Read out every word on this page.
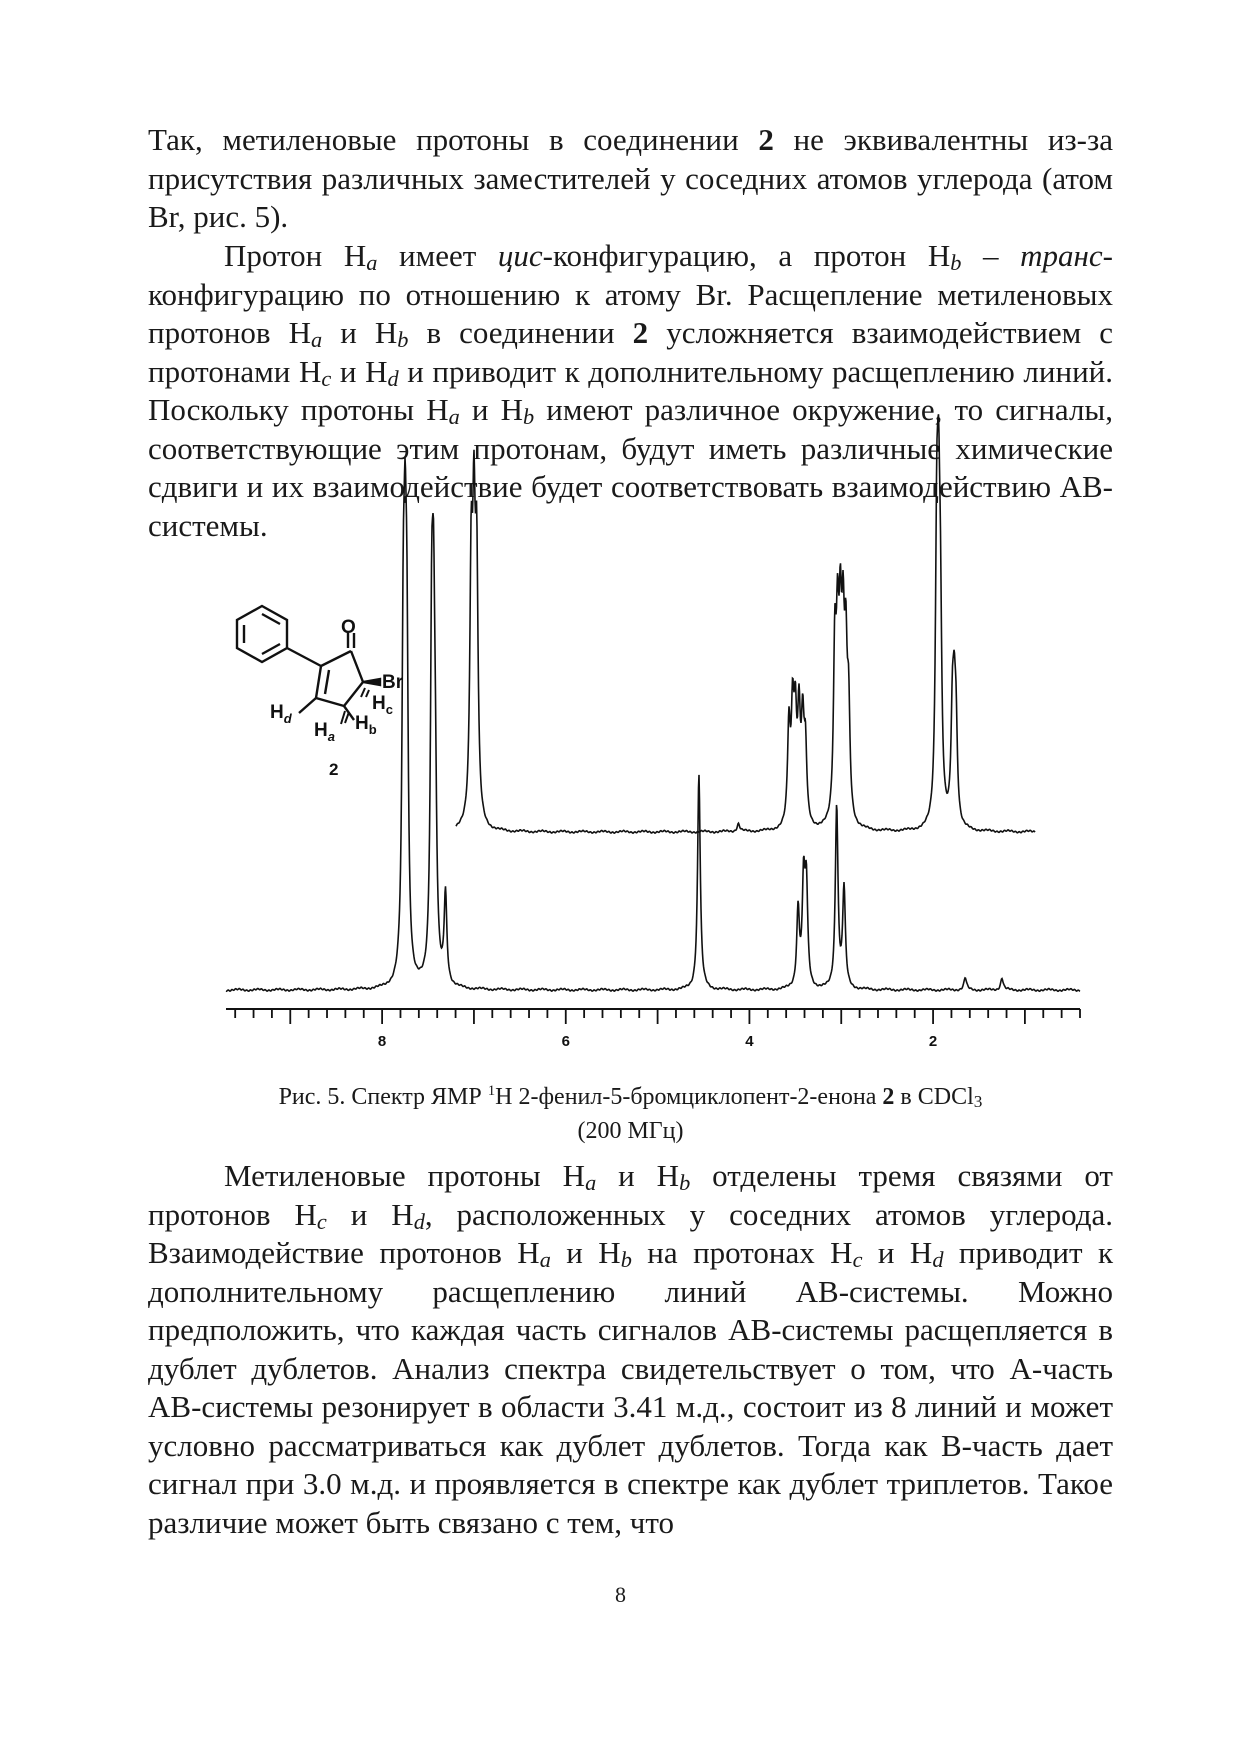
Так, метиленовые протоны в соединении 2 не эквивалентны из-за присутствия различных заместителей у соседних атомов углерода (атом Br, рис. 5).

Протон $H_a$ имеет цис-конфигурацию, а протон $H_b$ – транс-конфигурацию по отношению к атому Br. Расщепление метиленовых протонов $H_a$ и $H_b$ в соединении 2 усложняется взаимодействием с протонами $H_c$ и $H_d$ и приводит к дополнительному расщеплению линий. Поскольку протоны $H_a$ и $H_b$ имеют различное окружение, то сигналы, соответствующие этим протонам, будут иметь различные химические сдвиги и их взаимодействие будет соответствовать взаимодействию AB-системы.

O
Br
$H_c$
$H_d$
$H_a$
$H_b$
2
8	6	4	2
Рис. 5. Спектр ЯМР $^1$H 2-фенил-5-бромциклопент-2-енона 2 в CDCl$_3$
(200 МГц)

Метиленовые протоны $H_a$ и $H_b$ отделены тремя связями от протонов $H_c$ и $H_d$, расположенных у соседних атомов углерода. Взаимодействие протонов $H_a$ и $H_b$ на протонах $H_c$ и $H_d$ приводит к дополнительному расщеплению линий AB-системы. Можно предположить, что каждая часть сигналов AB-системы расщепляется в дублет дублетов. Анализ спектра свидетельствует о том, что A-часть AB-системы резонирует в области 3.41 м.д., состоит из 8 линий и может условно рассматриваться как дублет дублетов. Тогда как B-часть дает сигнал при 3.0 м.д. и проявляется в спектре как дублет триплетов. Такое различие может быть связано с тем, что

8
